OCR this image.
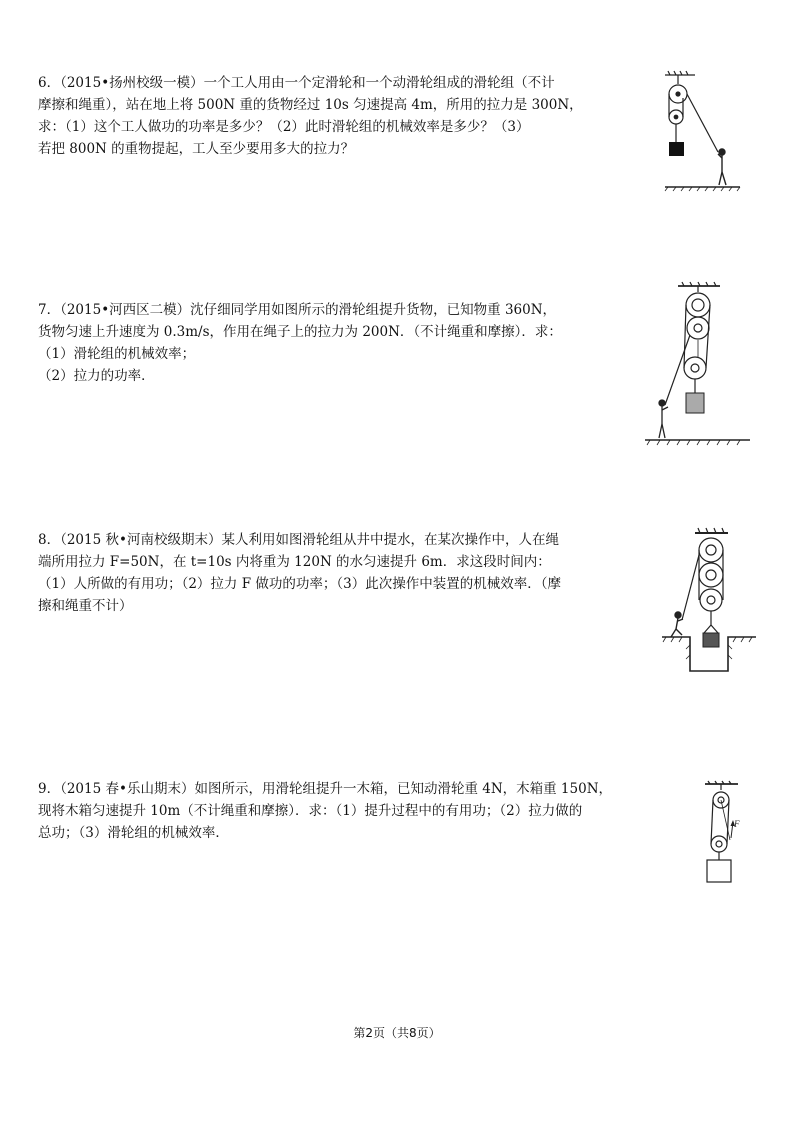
6．（2015•扬州校级一模）一个工人用由一个定滑轮和一个动滑轮组成的滑轮组（不计

摩擦和绳重），站在地上将 500N 重的货物经过 10s 匀速提高 4m，所用的拉力是 300N，

求：（1）这个工人做功的功率是多少？（2）此时滑轮组的机械效率是多少？（3）

若把 800N 的重物提起，工人至少要用多大的拉力？

7．（2015•河西区二模）沈仔细同学用如图所示的滑轮组提升货物，已知物重 360N，

货物匀速上升速度为 0.3m/s，作用在绳子上的拉力为 200N．（不计绳重和摩擦）．求：

（1）滑轮组的机械效率；

（2）拉力的功率．

8．（2015 秋•河南校级期末）某人利用如图滑轮组从井中提水，在某次操作中，人在绳

端所用拉力 F=50N，在 t=10s 内将重为 120N 的水匀速提升 6m．求这段时间内：

（1）人所做的有用功；（2）拉力 F 做功的功率；（3）此次操作中装置的机械效率．（摩

擦和绳重不计）

9．（2015 春•乐山期末）如图所示，用滑轮组提升一木箱，已知动滑轮重 4N，木箱重 150N，

现将木箱匀速提升 10m（不计绳重和摩擦）．求：（1）提升过程中的有用功；（2）拉力做的

总功；（3）滑轮组的机械效率．

F
第2页（共8页）
